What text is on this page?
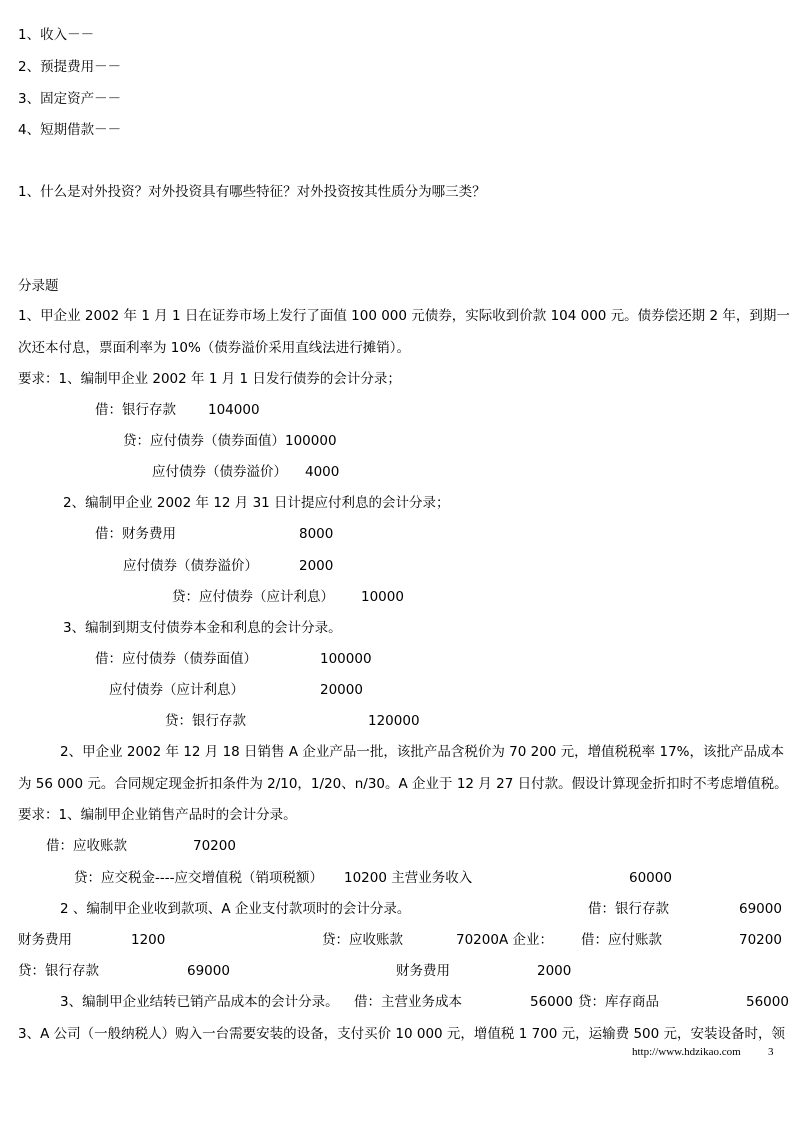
1、收入－－
2、预提费用－－
3、固定资产－－
4、短期借款－－
1、什么是对外投资？对外投资具有哪些特征？对外投资按其性质分为哪三类？
分录题
1、甲企业 2002 年 1 月 1 日在证券市场上发行了面值 100 000 元债券，实际收到价款 104 000 元。债券偿还期 2 年，到期一
次还本付息，票面利率为 10%（债券溢价采用直线法进行摊销）。
要求：1、编制甲企业 2002 年 1 月 1 日发行债券的会计分录；
借：银行存款 104000
贷：应付债券（债券面值）100000
应付债券（债券溢价） 4000
2、编制甲企业 2002 年 12 月 31 日计提应付利息的会计分录；
借：财务费用	8000
应付债券（债券溢价）	2000
贷：应付债券（应计利息） 10000
3、编制到期支付债券本金和利息的会计分录。
借：应付债券（债券面值）	100000
应付债券（应计利息）	20000
贷：银行存款	120000
2、甲企业 2002 年 12 月 18 日销售 A 企业产品一批，该批产品含税价为 70 200 元，增值税税率 17%，该批产品成本
为 56 000 元。合同规定现金折扣条件为 2/10，1/20、n/30。A 企业于 12 月 27 日付款。假设计算现金折扣时不考虑增值税。
要求：1、编制甲企业销售产品时的会计分录。
借：应收账款	70200
贷：应交税金----应交增值税（销项税额） 10200 主营业务收入	60000
2 、编制甲企业收到款项、A 企业支付款项时的会计分录。	借：银行存款	69000
财务费用	1200	贷：应收账款	70200A 企业： 借：应付账款	70200
贷：银行存款	69000	财务费用	2000
3、编制甲企业结转已销产品成本的会计分录。 借：主营业务成本	56000 贷：库存商品	56000
3、A 公司（一般纳税人）购入一台需要安装的设备，支付买价 10 000 元，增值税 1 700 元，运输费 500 元，安装设备时，领
http://www.hdzikao.com 3
